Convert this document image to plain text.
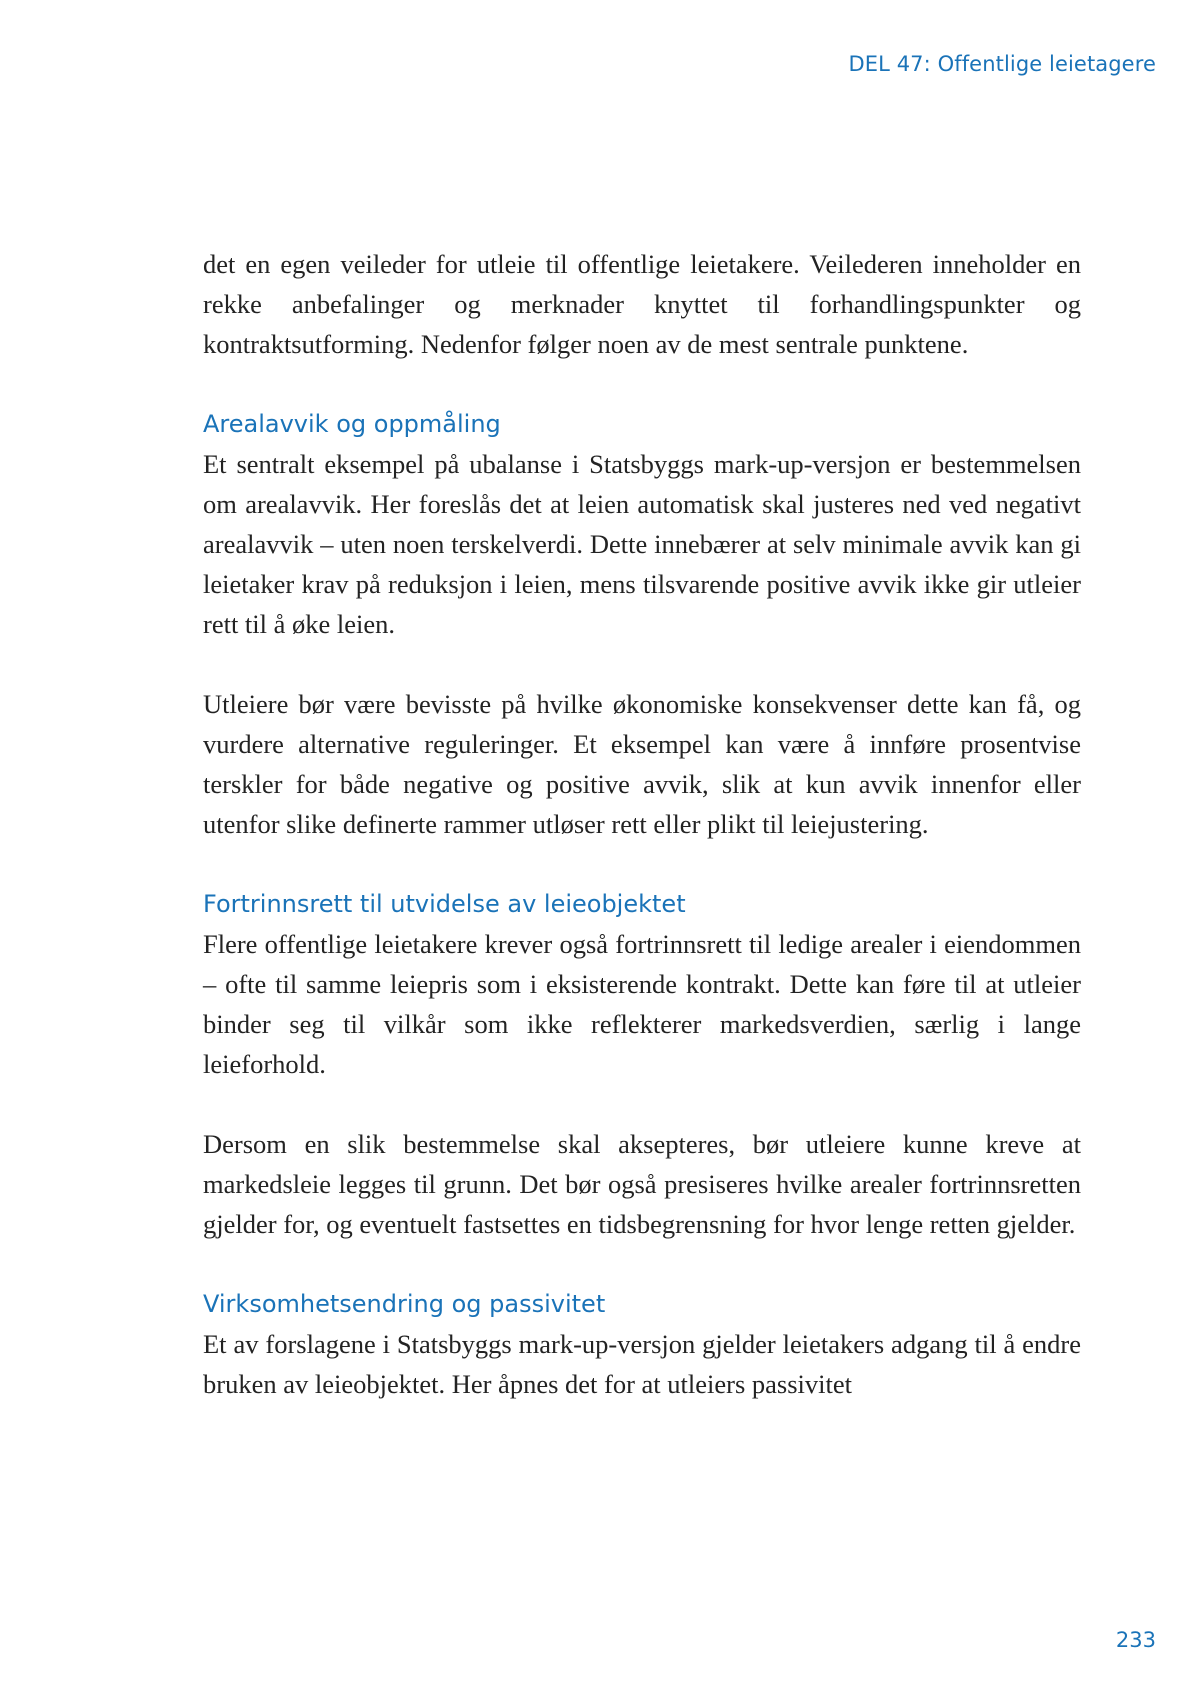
DEL 47: Offentlige leietagere

det en egen veileder for utleie til offentlige leietakere. Veilederen inneholder en rekke anbefalinger og merknader knyttet til forhandlingspunkter og kontraktsutforming. Nedenfor følger noen av de mest sentrale punktene.

Arealavvik og oppmåling

Et sentralt eksempel på ubalanse i Statsbyggs mark-up-versjon er bestemmelsen om arealavvik. Her foreslås det at leien automatisk skal justeres ned ved negativt arealavvik – uten noen terskelverdi. Dette innebærer at selv minimale avvik kan gi leietaker krav på reduksjon i leien, mens tilsvarende positive avvik ikke gir utleier rett til å øke leien.

Utleiere bør være bevisste på hvilke økonomiske konsekvenser dette kan få, og vurdere alternative reguleringer. Et eksempel kan være å innføre prosentvise terskler for både negative og positive avvik, slik at kun avvik innenfor eller utenfor slike definerte rammer utløser rett eller plikt til leiejustering.

Fortrinnsrett til utvidelse av leieobjektet

Flere offentlige leietakere krever også fortrinnsrett til ledige arealer i eiendommen – ofte til samme leiepris som i eksisterende kontrakt. Dette kan føre til at utleier binder seg til vilkår som ikke reflekterer markedsverdien, særlig i lange leieforhold.

Dersom en slik bestemmelse skal aksepteres, bør utleiere kunne kreve at markedsleie legges til grunn. Det bør også presiseres hvilke arealer fortrinnsretten gjelder for, og eventuelt fastsettes en tidsbegrensning for hvor lenge retten gjelder.

Virksomhetsendring og passivitet

Et av forslagene i Statsbyggs mark-up-versjon gjelder leietakers adgang til å endre bruken av leieobjektet. Her åpnes det for at utleiers passivitet

233
